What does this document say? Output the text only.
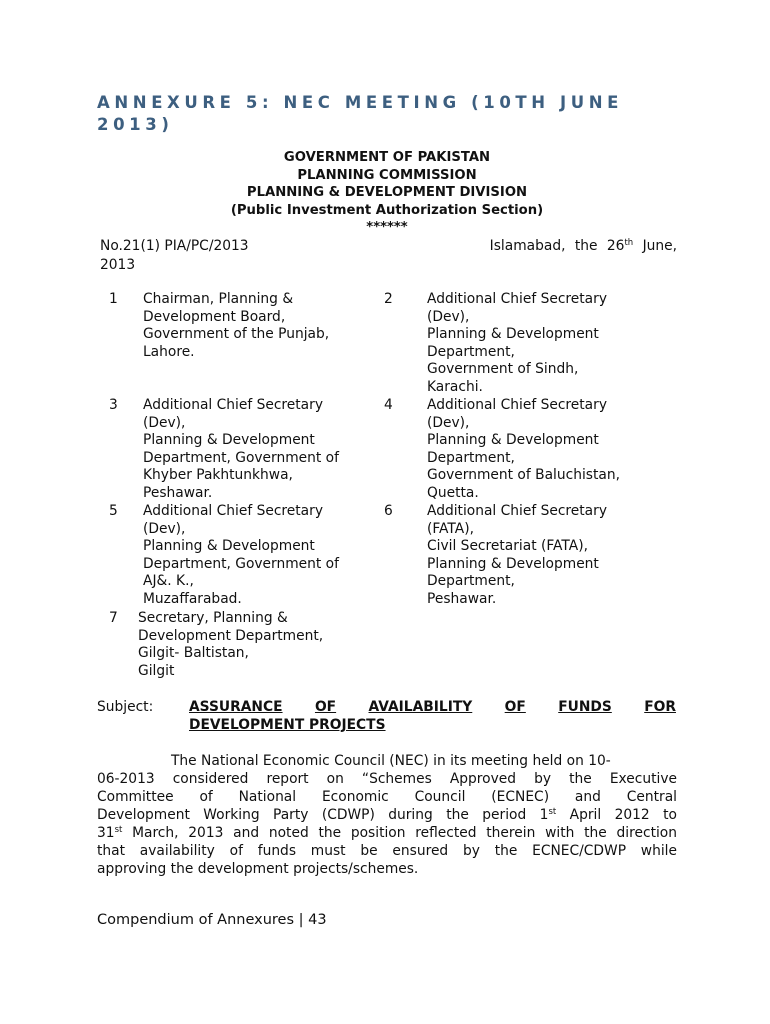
ANNEXURE 5: NEC MEETING (10TH JUNE
2013)
GOVERNMENT OF PAKISTAN
PLANNING COMMISSION
PLANNING & DEVELOPMENT DIVISION
(Public Investment Authorization Section)
******
No.21(1) PIA/PC/2013	Islamabad, the 26th June,
2013
1 Chairman, Planning &
Development Board,
Government of the Punjab,
Lahore.
2 Additional Chief Secretary
(Dev),
Planning & Development
Department,
Government of Sindh,
Karachi.
3 Additional Chief Secretary
(Dev),
Planning & Development
Department, Government of
Khyber Pakhtunkhwa,
Peshawar.
4 Additional Chief Secretary
(Dev),
Planning & Development
Department,
Government of Baluchistan,
Quetta.
5 Additional Chief Secretary
(Dev),
Planning & Development
Department, Government of
AJ&. K.,
Muzaffarabad.
6 Additional Chief Secretary
(FATA),
Civil Secretariat (FATA),
Planning & Development
Department,
Peshawar.
7 Secretary, Planning &
Development Department,
Gilgit- Baltistan,
Gilgit
Subject:	ASSURANCE OF AVAILABILITY OF FUNDS FOR
DEVELOPMENT PROJECTS
The National Economic Council (NEC) in its meeting held on 10-
06-2013 considered report on “Schemes Approved by the Executive
Committee of National Economic Council (ECNEC) and Central
Development Working Party (CDWP) during the period 1st April 2012 to
31st March, 2013 and noted the position reflected therein with the direction
that availability of funds must be ensured by the ECNEC/CDWP while
approving the development projects/schemes.
Compendium of Annexures | 43
